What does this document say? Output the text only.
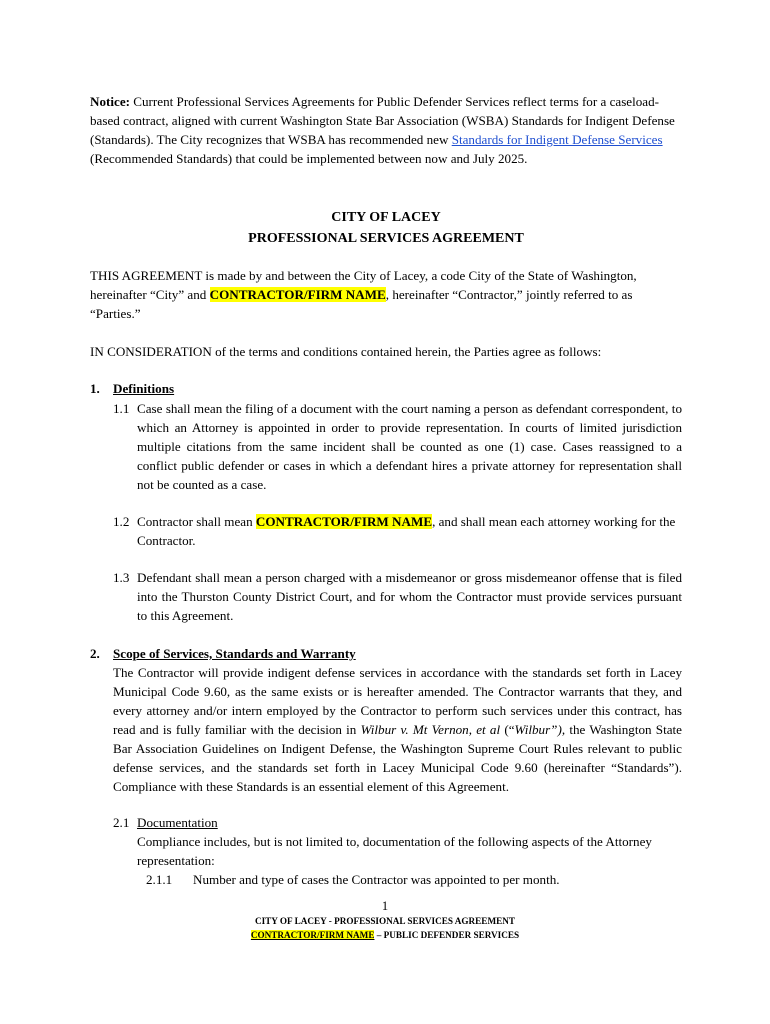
Notice: Current Professional Services Agreements for Public Defender Services reflect terms for a caseload-based contract, aligned with current Washington State Bar Association (WSBA) Standards for Indigent Defense (Standards). The City recognizes that WSBA has recommended new Standards for Indigent Defense Services (Recommended Standards) that could be implemented between now and July 2025.
CITY OF LACEY
PROFESSIONAL SERVICES AGREEMENT
THIS AGREEMENT is made by and between the City of Lacey, a code City of the State of Washington, hereinafter “City” and CONTRACTOR/FIRM NAME, hereinafter “Contractor,” jointly referred to as “Parties.”
IN CONSIDERATION of the terms and conditions contained herein, the Parties agree as follows:
1. Definitions
1.1 Case shall mean the filing of a document with the court naming a person as defendant correspondent, to which an Attorney is appointed in order to provide representation. In courts of limited jurisdiction multiple citations from the same incident shall be counted as one (1) case. Cases reassigned to a conflict public defender or cases in which a defendant hires a private attorney for representation shall not be counted as a case.
1.2 Contractor shall mean CONTRACTOR/FIRM NAME, and shall mean each attorney working for the Contractor.
1.3 Defendant shall mean a person charged with a misdemeanor or gross misdemeanor offense that is filed into the Thurston County District Court, and for whom the Contractor must provide services pursuant to this Agreement.
2. Scope of Services, Standards and Warranty
The Contractor will provide indigent defense services in accordance with the standards set forth in Lacey Municipal Code 9.60, as the same exists or is hereafter amended. The Contractor warrants that they, and every attorney and/or intern employed by the Contractor to perform such services under this contract, has read and is fully familiar with the decision in Wilbur v. Mt Vernon, et al (“Wilbur”), the Washington State Bar Association Guidelines on Indigent Defense, the Washington Supreme Court Rules relevant to public defense services, and the standards set forth in Lacey Municipal Code 9.60 (hereinafter “Standards”). Compliance with these Standards is an essential element of this Agreement.
2.1 Documentation
Compliance includes, but is not limited to, documentation of the following aspects of the Attorney representation:
2.1.1 Number and type of cases the Contractor was appointed to per month.
1
CITY OF LACEY - PROFESSIONAL SERVICES AGREEMENT
CONTRACTOR/FIRM NAME – PUBLIC DEFENDER SERVICES
